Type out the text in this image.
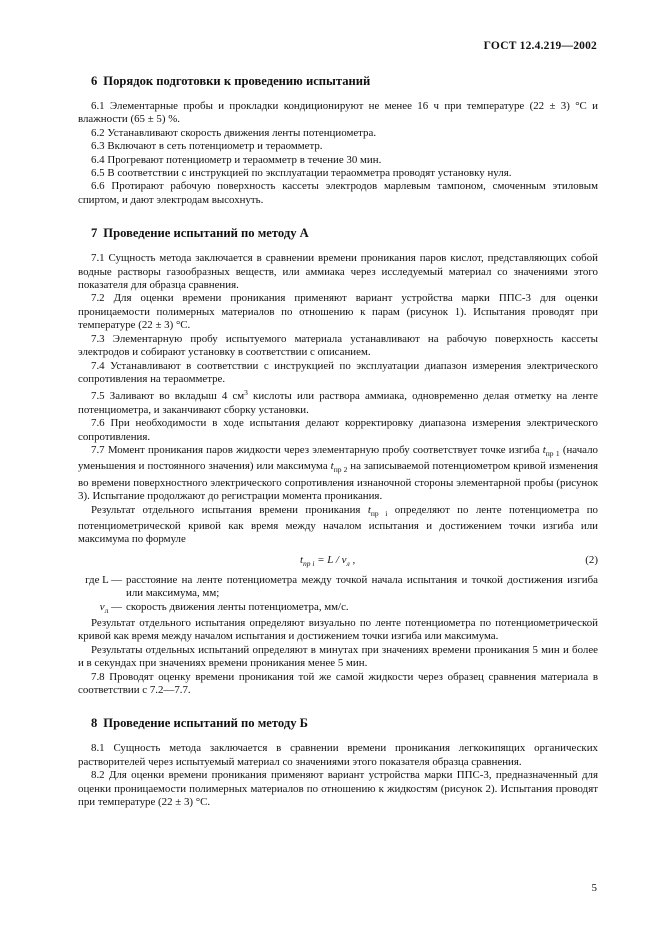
ГОСТ 12.4.219—2002
6 Порядок подготовки к проведению испытаний

6.1 Элементарные пробы и прокладки кондиционируют не менее 16 ч при температуре (22 ± 3) °С и влажности (65 ± 5) %.

6.2 Устанавливают скорость движения ленты потенциометра.

6.3 Включают в сеть потенциометр и тераомметр.

6.4 Прогревают потенциометр и тераомметр в течение 30 мин.

6.5 В соответствии с инструкцией по эксплуатации тераомметра проводят установку нуля.

6.6 Протирают рабочую поверхность кассеты электродов марлевым тампоном, смоченным этиловым спиртом, и дают электродам высохнуть.

7 Проведение испытаний по методу А

7.1 Сущность метода заключается в сравнении времени проникания паров кислот, представляющих собой водные растворы газообразных веществ, или аммиака через исследуемый материал со значениями этого показателя для образца сравнения.

7.2 Для оценки времени проникания применяют вариант устройства марки ППС-3 для оценки проницаемости полимерных материалов по отношению к парам (рисунок 1). Испытания проводят при температуре (22 ± 3) °С.

7.3 Элементарную пробу испытуемого материала устанавливают на рабочую поверхность кассеты электродов и собирают установку в соответствии с описанием.

7.4 Устанавливают в соответствии с инструкцией по эксплуатации диапазон измерения электрического сопротивления на тераомметре.

7.5 Заливают во вкладыш 4 $см^3$ кислоты или раствора аммиака, одновременно делая отметку на ленте потенциометра, и заканчивают сборку установки.

7.6 При необходимости в ходе испытания делают корректировку диапазона измерения электрического сопротивления.

7.7 Момент проникания паров жидкости через элементарную пробу соответствует точке изгиба $t_{пр 1}$ (начало уменьшения и постоянного значения) или максимума $t_{пр 2}$ на записываемой потенциометром кривой изменения во времени поверхностного электрического сопротивления изнаночной стороны элементарной пробы (рисунок 3). Испытание продолжают до регистрации момента проникания.

Результат отдельного испытания времени проникания $t_{пр i}$ определяют по ленте потенциометра по потенциометрической кривой как время между началом испытания и достижением точки изгиба или максимума по формуле

$t_{пр i} = L / v_л$ ,	(2)
где L — расстояние на ленте потенциометра между точкой начала испытания и точкой достижения изгиба или максимума, мм;
$v_л$ — скорость движения ленты потенциометра, мм/с.

Результат отдельного испытания определяют визуально по ленте потенциометра по потенциометрической кривой как время между началом испытания и достижением точки изгиба или максимума.

Результаты отдельных испытаний определяют в минутах при значениях времени проникания 5 мин и более и в секундах при значениях времени проникания менее 5 мин.

7.8 Проводят оценку времени проникания той же самой жидкости через образец сравнения материала в соответствии с 7.2—7.7.

8 Проведение испытаний по методу Б

8.1 Сущность метода заключается в сравнении времени проникания легкокипящих органических растворителей через испытуемый материал со значениями этого показателя образца сравнения.

8.2 Для оценки времени проникания применяют вариант устройства марки ППС-3, предназначенный для оценки проницаемости полимерных материалов по отношению к жидкостям (рисунок 2). Испытания проводят при температуре (22 ± 3) °С.

5
